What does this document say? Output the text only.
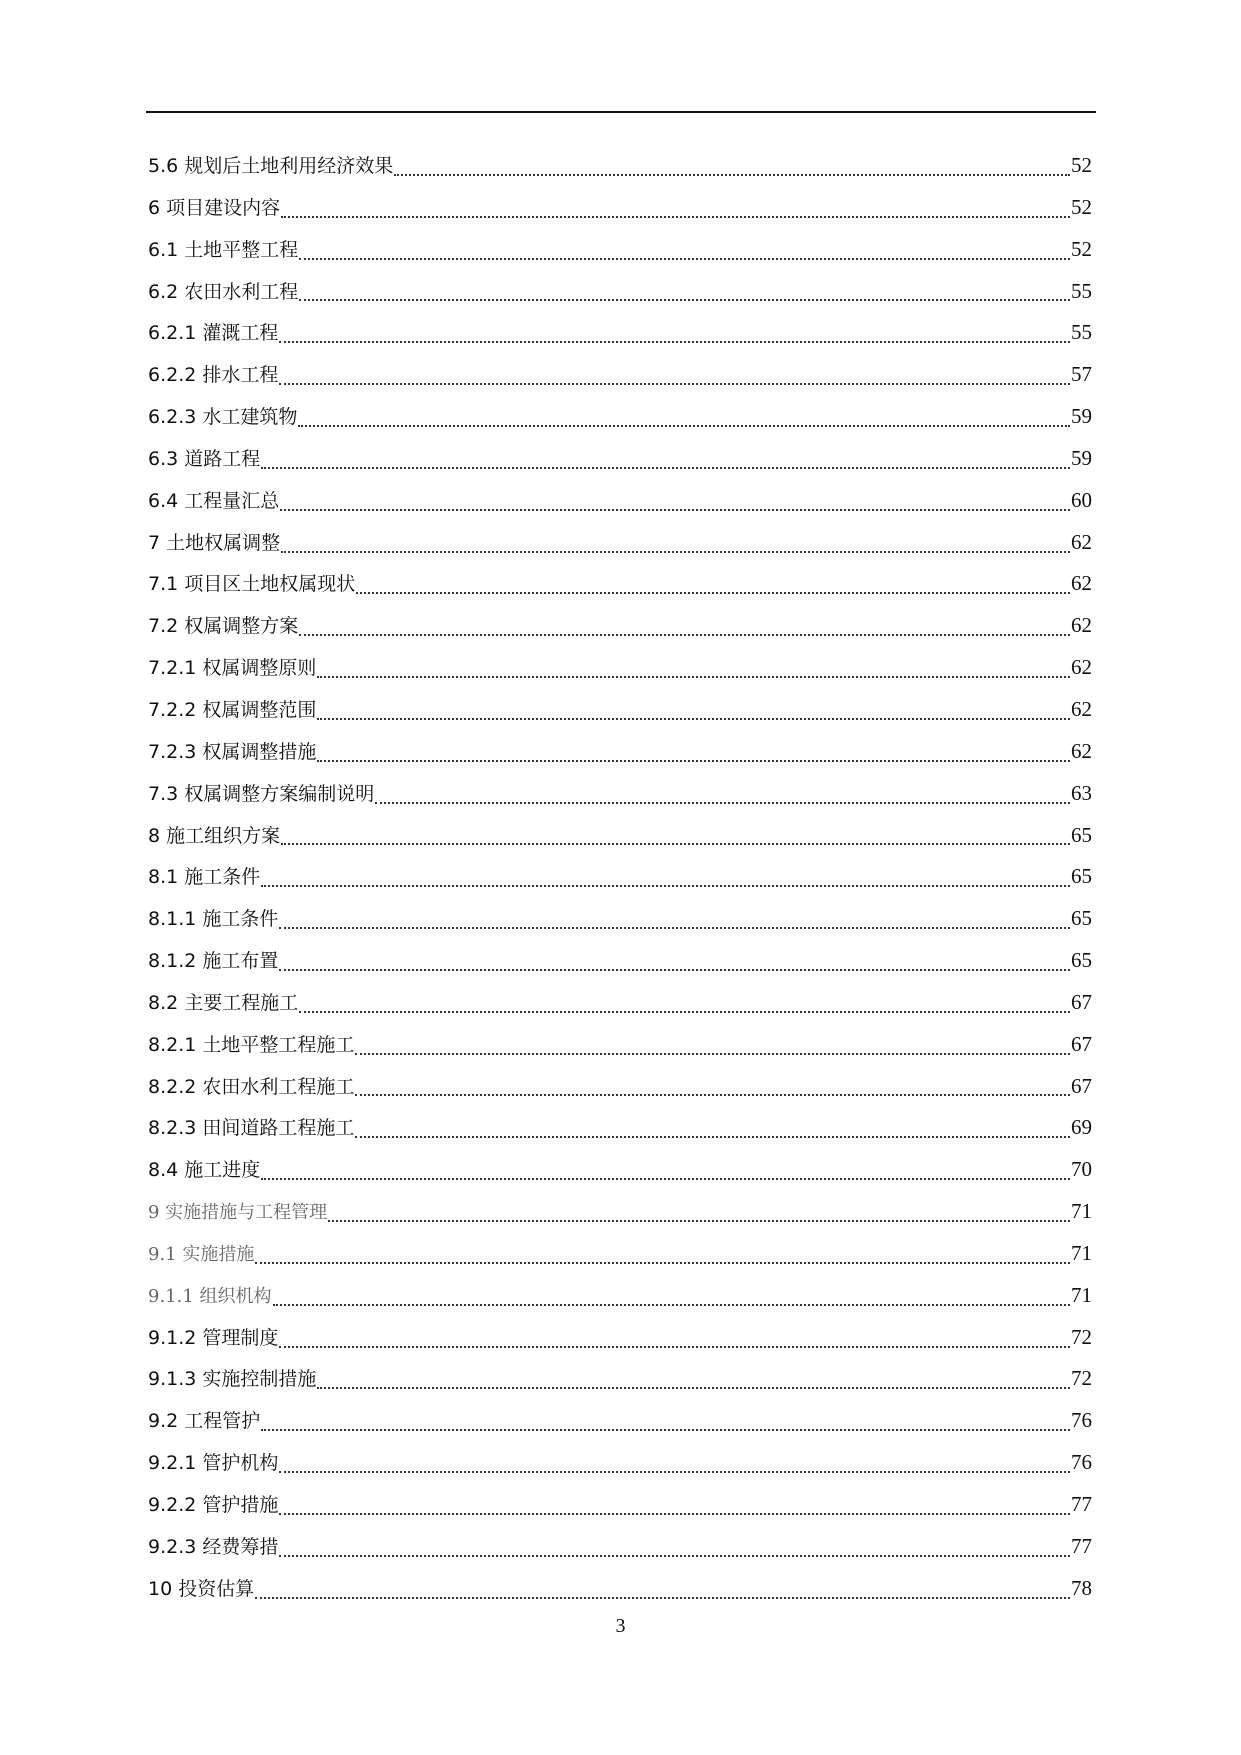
5.6 规划后土地利用经济效果	52
6 项目建设内容	52
6.1 土地平整工程	52
6.2 农田水利工程	55
6.2.1 灌溉工程	55
6.2.2 排水工程	57
6.2.3 水工建筑物	59
6.3 道路工程	59
6.4 工程量汇总	60
7 土地权属调整	62
7.1 项目区土地权属现状	62
7.2 权属调整方案	62
7.2.1 权属调整原则	62
7.2.2 权属调整范围	62
7.2.3 权属调整措施	62
7.3 权属调整方案编制说明	63
8 施工组织方案	65
8.1 施工条件	65
8.1.1 施工条件	65
8.1.2 施工布置	65
8.2 主要工程施工	67
8.2.1 土地平整工程施工	67
8.2.2 农田水利工程施工	67
8.2.3 田间道路工程施工	69
8.4 施工进度	70
9 实施措施与工程管理	71
9.1 实施措施	71
9.1.1 组织机构	71
9.1.2 管理制度	72
9.1.3 实施控制措施	72
9.2 工程管护	76
9.2.1 管护机构	76
9.2.2 管护措施	77
9.2.3 经费筹措	77
10 投资估算	78
3
